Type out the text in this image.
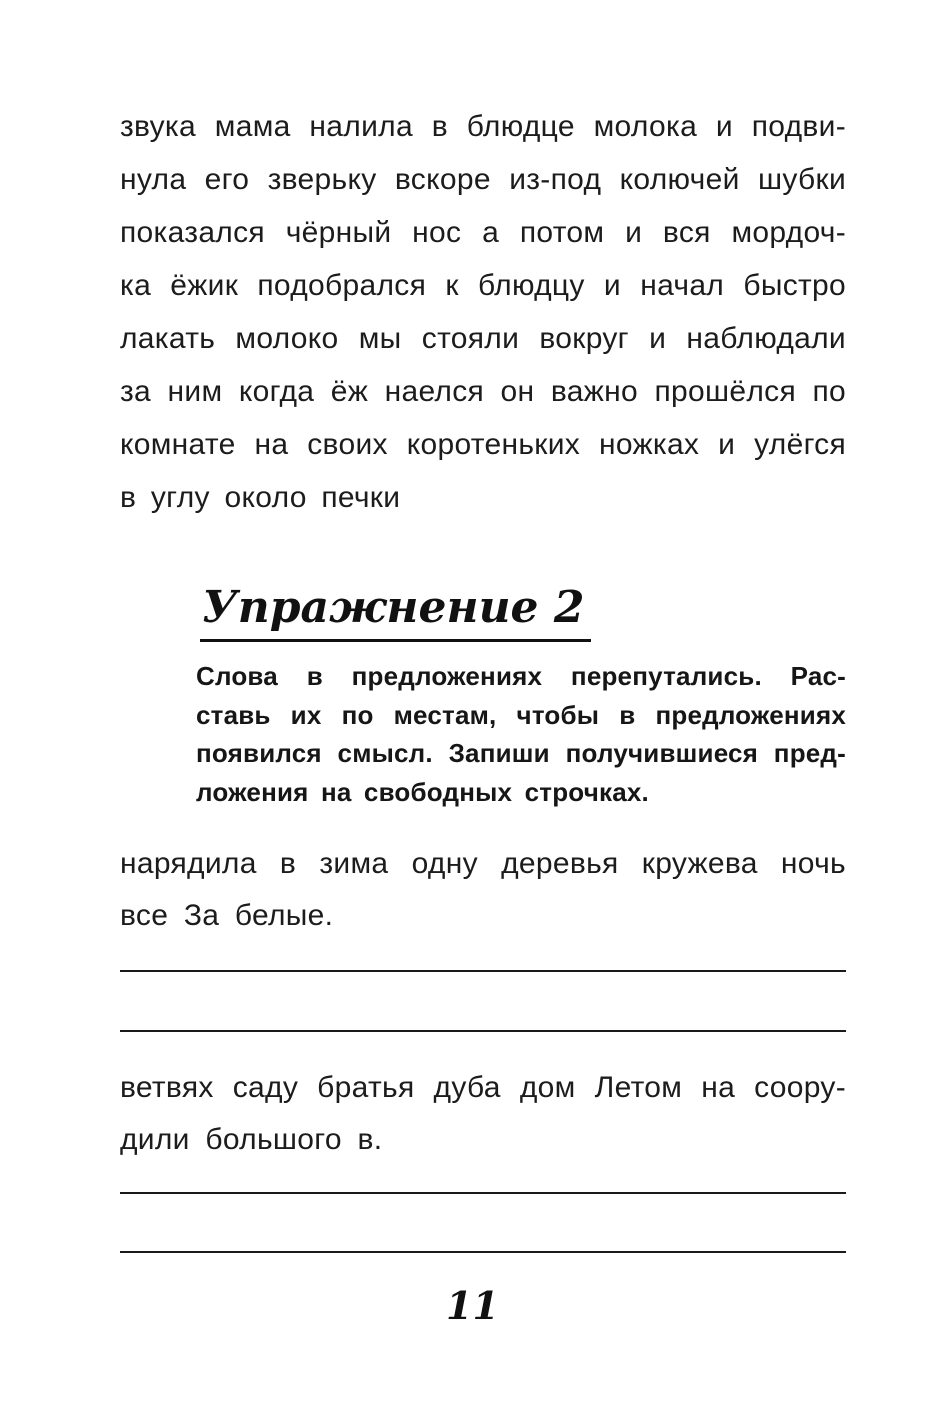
звука мама налила в блюдце молока и подви-
нула его зверьку вскоре из-под колючей шубки
показался чёрный нос а потом и вся мордоч-
ка ёжик подобрался к блюдцу и начал быстро
лакать молоко мы стояли вокруг и наблюдали
за ним когда ёж наелся он важно прошёлся по
комнате на своих коротеньких ножках и улёгся
в углу около печки
Упражнение 2
Слова в предложениях перепутались. Рас-
ставь их по местам, чтобы в предложениях
появился смысл. Запиши получившиеся пред-
ложения на свободных строчках.
нарядила в зима одну деревья кружева ночь
все За белые.
ветвях саду братья дуба дом Летом на соору-
дили большого в.
11
